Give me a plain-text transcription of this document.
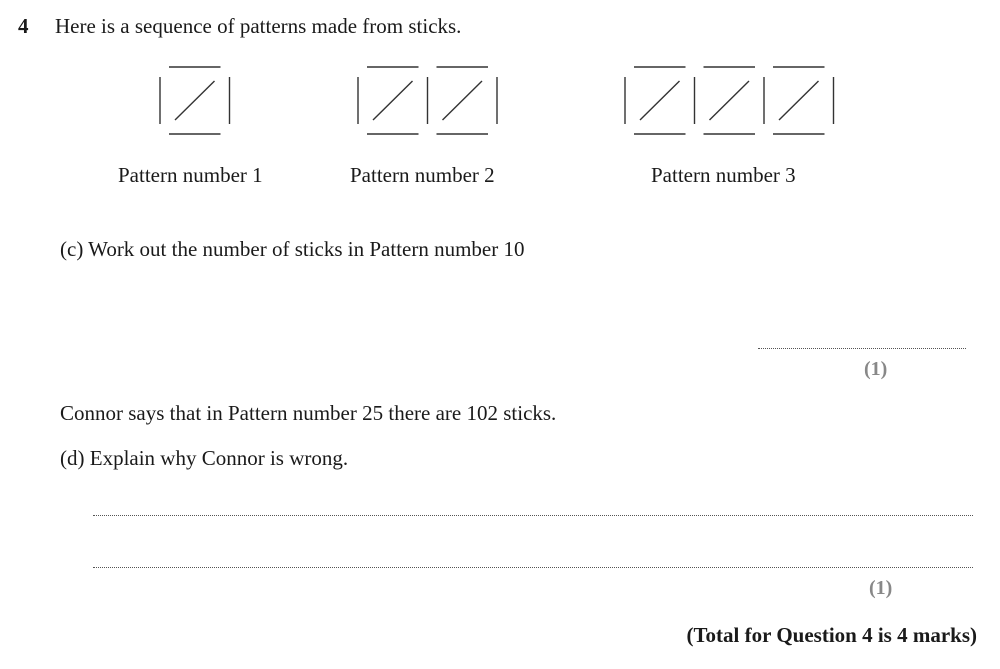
4 Here is a sequence of patterns made from sticks.
Pattern number 1	Pattern number 2	Pattern number 3
(c) Work out the number of sticks in Pattern number 10
(1)
Connor says that in Pattern number 25 there are 102 sticks.
(d) Explain why Connor is wrong.
(1)
(Total for Question 4 is 4 marks)
